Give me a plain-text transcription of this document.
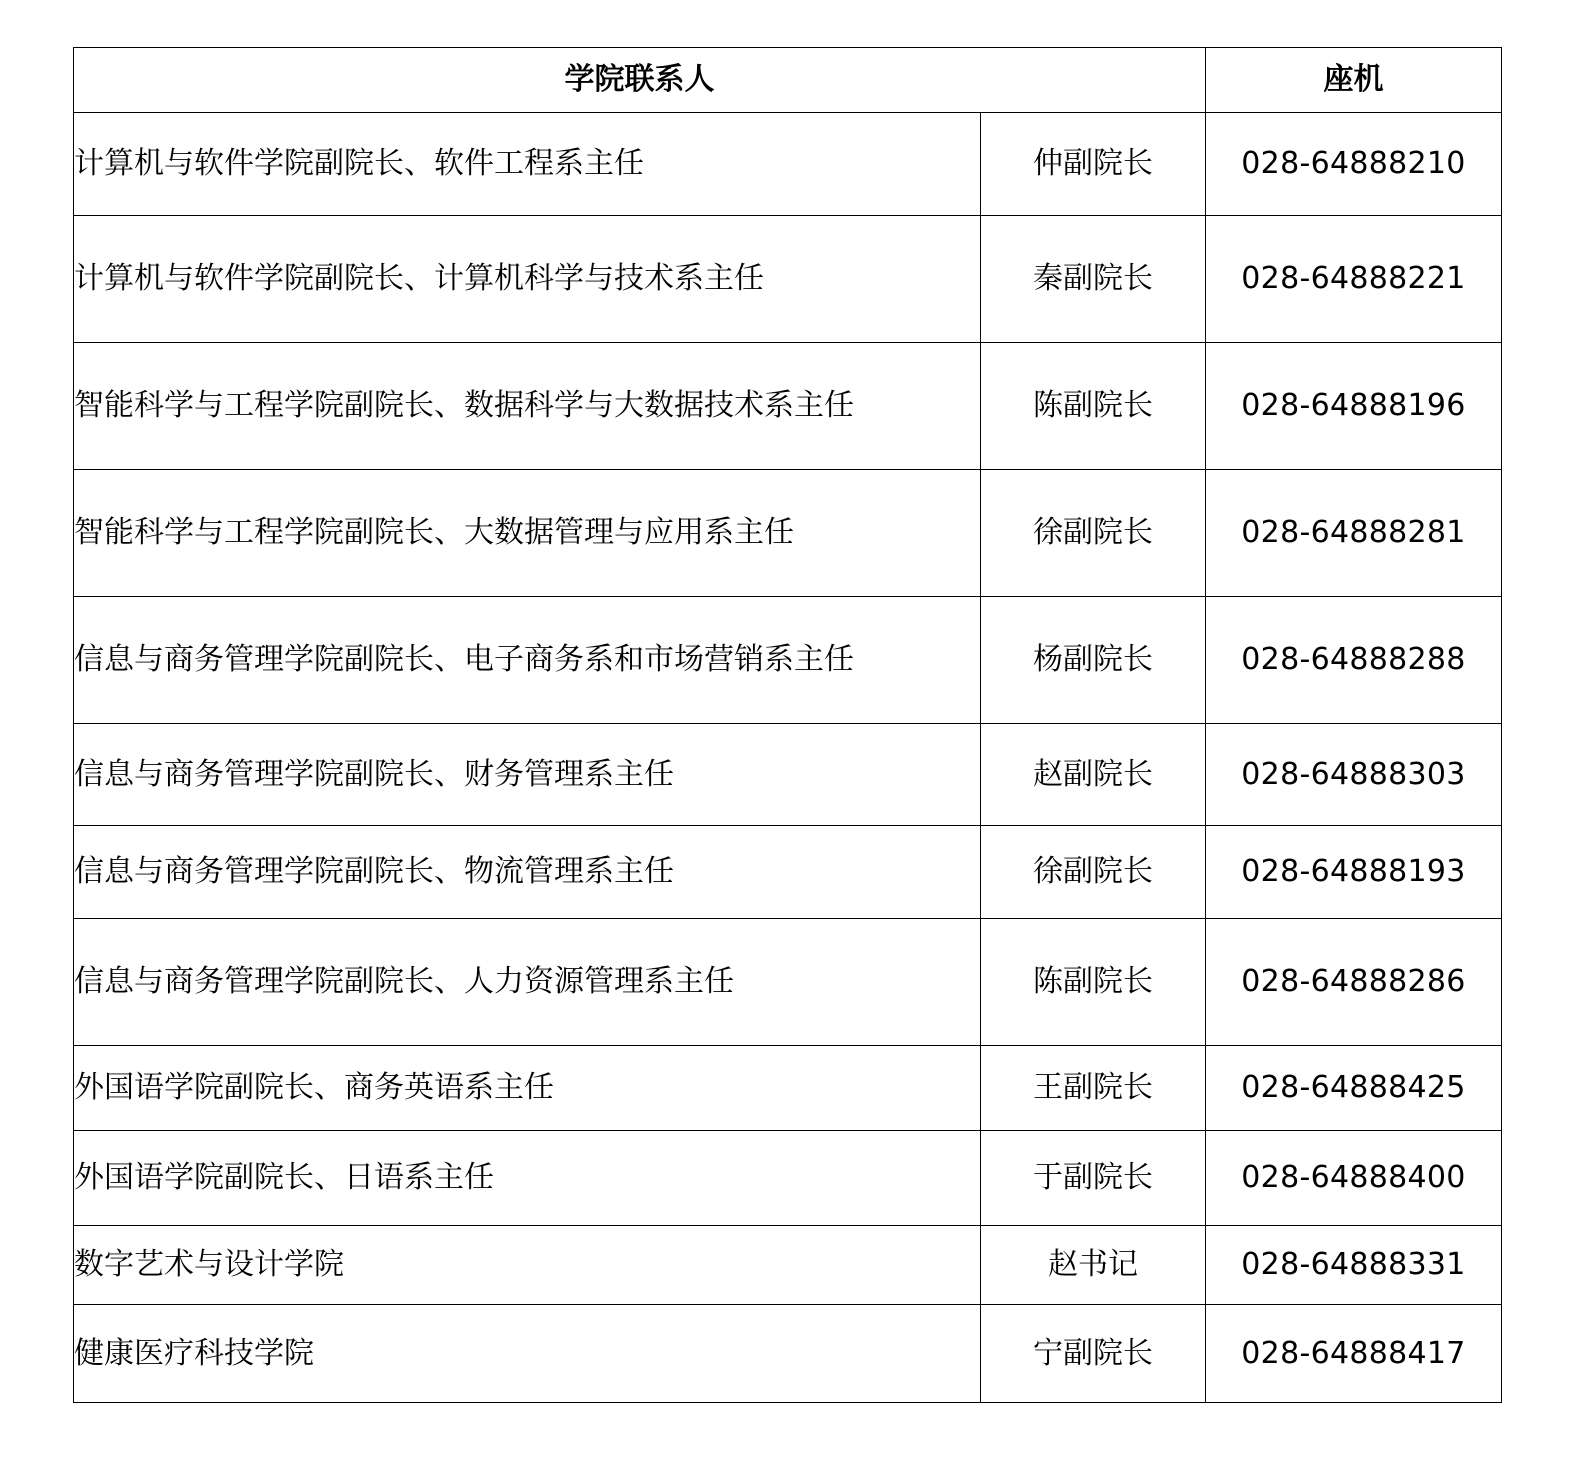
学院联系人		座机
计算机与软件学院副院长、软件工程系主任	仲副院长	028-64888210
计算机与软件学院副院长、计算机科学与技术系主任	秦副院长	028-64888221
智能科学与工程学院副院长、数据科学与大数据技术系主任	陈副院长	028-64888196
智能科学与工程学院副院长、大数据管理与应用系主任	徐副院长	028-64888281
信息与商务管理学院副院长、电子商务系和市场营销系主任	杨副院长	028-64888288
信息与商务管理学院副院长、财务管理系主任	赵副院长	028-64888303
信息与商务管理学院副院长、物流管理系主任	徐副院长	028-64888193
信息与商务管理学院副院长、人力资源管理系主任	陈副院长	028-64888286
外国语学院副院长、商务英语系主任	王副院长	028-64888425
外国语学院副院长、日语系主任	于副院长	028-64888400
数字艺术与设计学院	赵书记	028-64888331
健康医疗科技学院	宁副院长	028-64888417
